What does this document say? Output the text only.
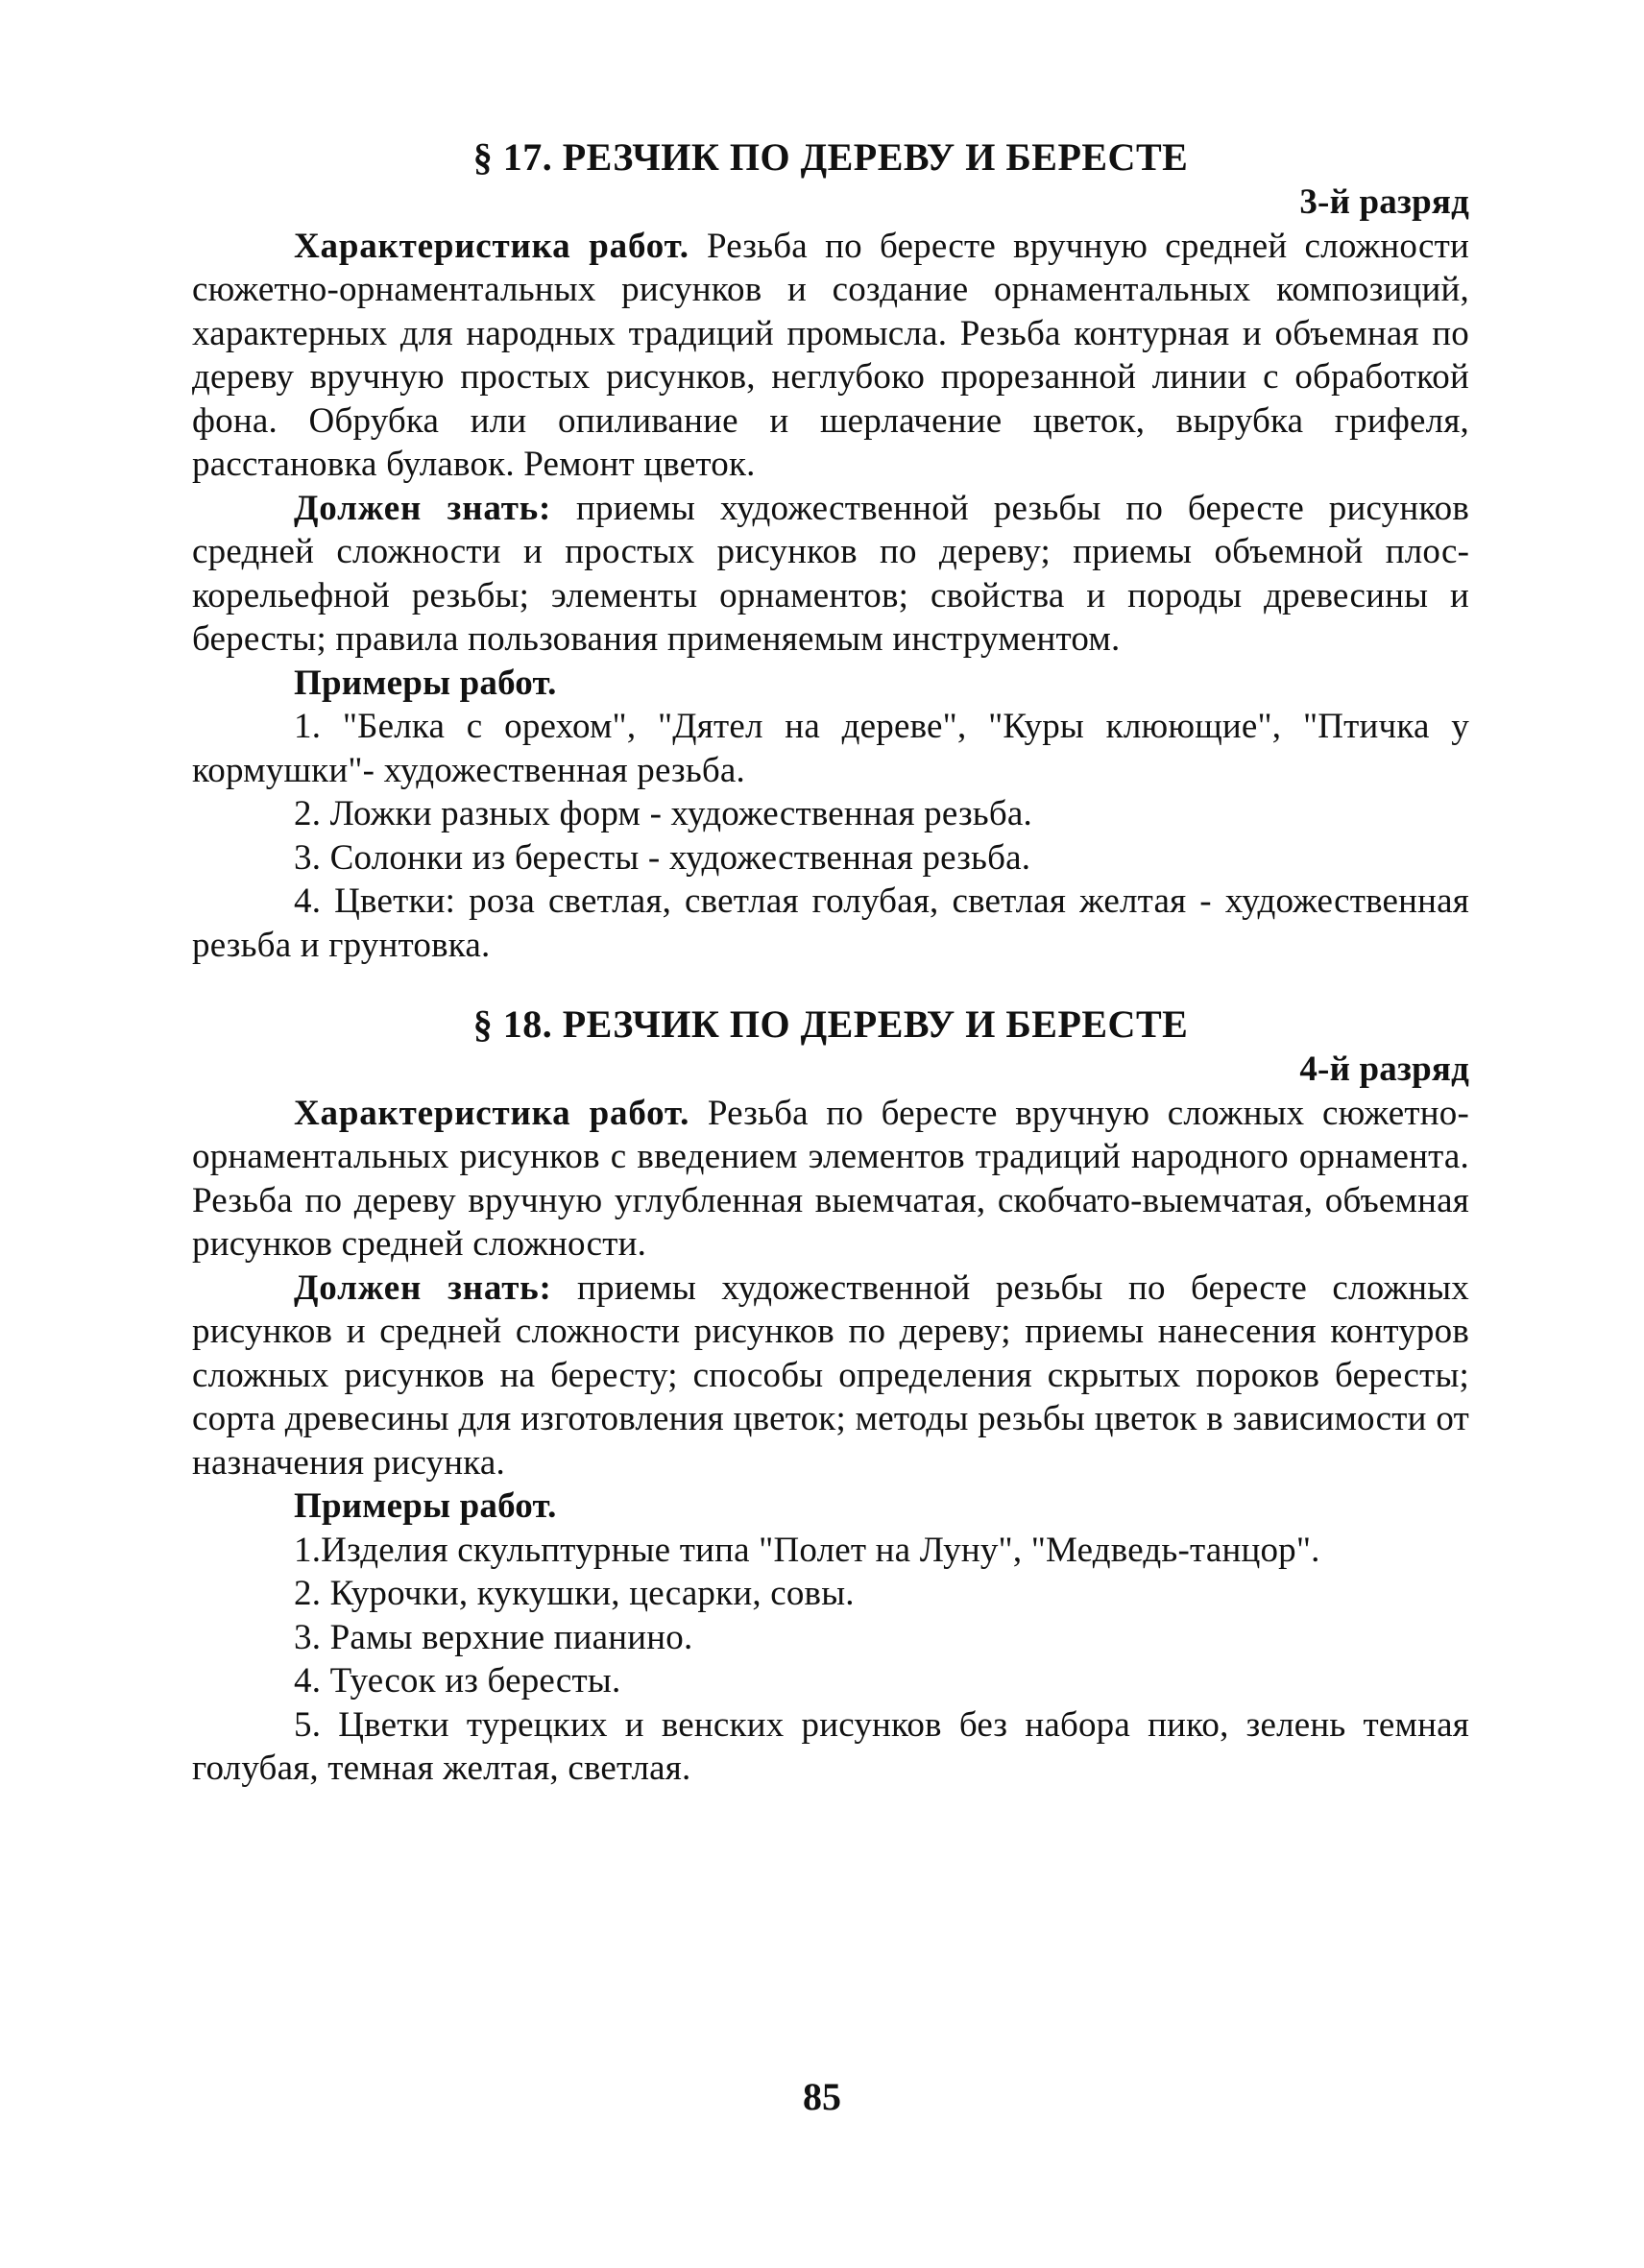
§ 17. РЕЗЧИК ПО ДЕРЕВУ И БЕРЕСТЕ
3-й разряд

Характеристика работ. Резьба по бересте вручную средней сложности сюжетно-орнаментальных рисунков и создание орнаментальных композиций, характерных для народных традиций промысла. Резьба контурная и объемная по дереву вручную простых рисунков, неглубоко прорезанной линии с обработкой фона. Обрубка или опиливание и шерлачение цветок, вырубка грифеля, расстановка булавок. Ремонт цветок.

Должен знать: приемы художественной резьбы по бересте рисунков средней сложности и простых рисунков по дереву; приемы объемной плоскорельефной резьбы; элементы орнаментов; свойства и породы древесины и бересты; правила пользования применяемым инструментом.

Примеры работ.

1. "Белка с орехом", "Дятел на дереве", "Куры клюющие", "Птичка у кормушки"- художественная резьба.

2. Ложки разных форм - художественная резьба.

3. Солонки из бересты - художественная резьба.

4. Цветки: роза светлая, светлая голубая, светлая желтая - художественная резьба и грунтовка.

§ 18. РЕЗЧИК ПО ДЕРЕВУ И БЕРЕСТЕ
4-й разряд

Характеристика работ. Резьба по бересте вручную сложных сюжетно-орнаментальных рисунков с введением элементов традиций народного орнамента. Резьба по дереву вручную углубленная выемчатая, скобчато-выемчатая, объемная рисунков средней сложности.

Должен знать: приемы художественной резьбы по бересте сложных рисунков и средней сложности рисунков по дереву; приемы нанесения контуров сложных рисунков на бересту; способы определения скрытых пороков бересты; сорта древесины для изготовления цветок; методы резьбы цветок в зависимости от назначения рисунка.

Примеры работ.

1.Изделия скульптурные типа "Полет на Луну", "Медведь-танцор".

2. Курочки, кукушки, цесарки, совы.

3. Рамы верхние пианино.

4. Туесок из бересты.

5. Цветки турецких и венских рисунков без набора пико, зелень темная голубая, темная желтая, светлая.

85
